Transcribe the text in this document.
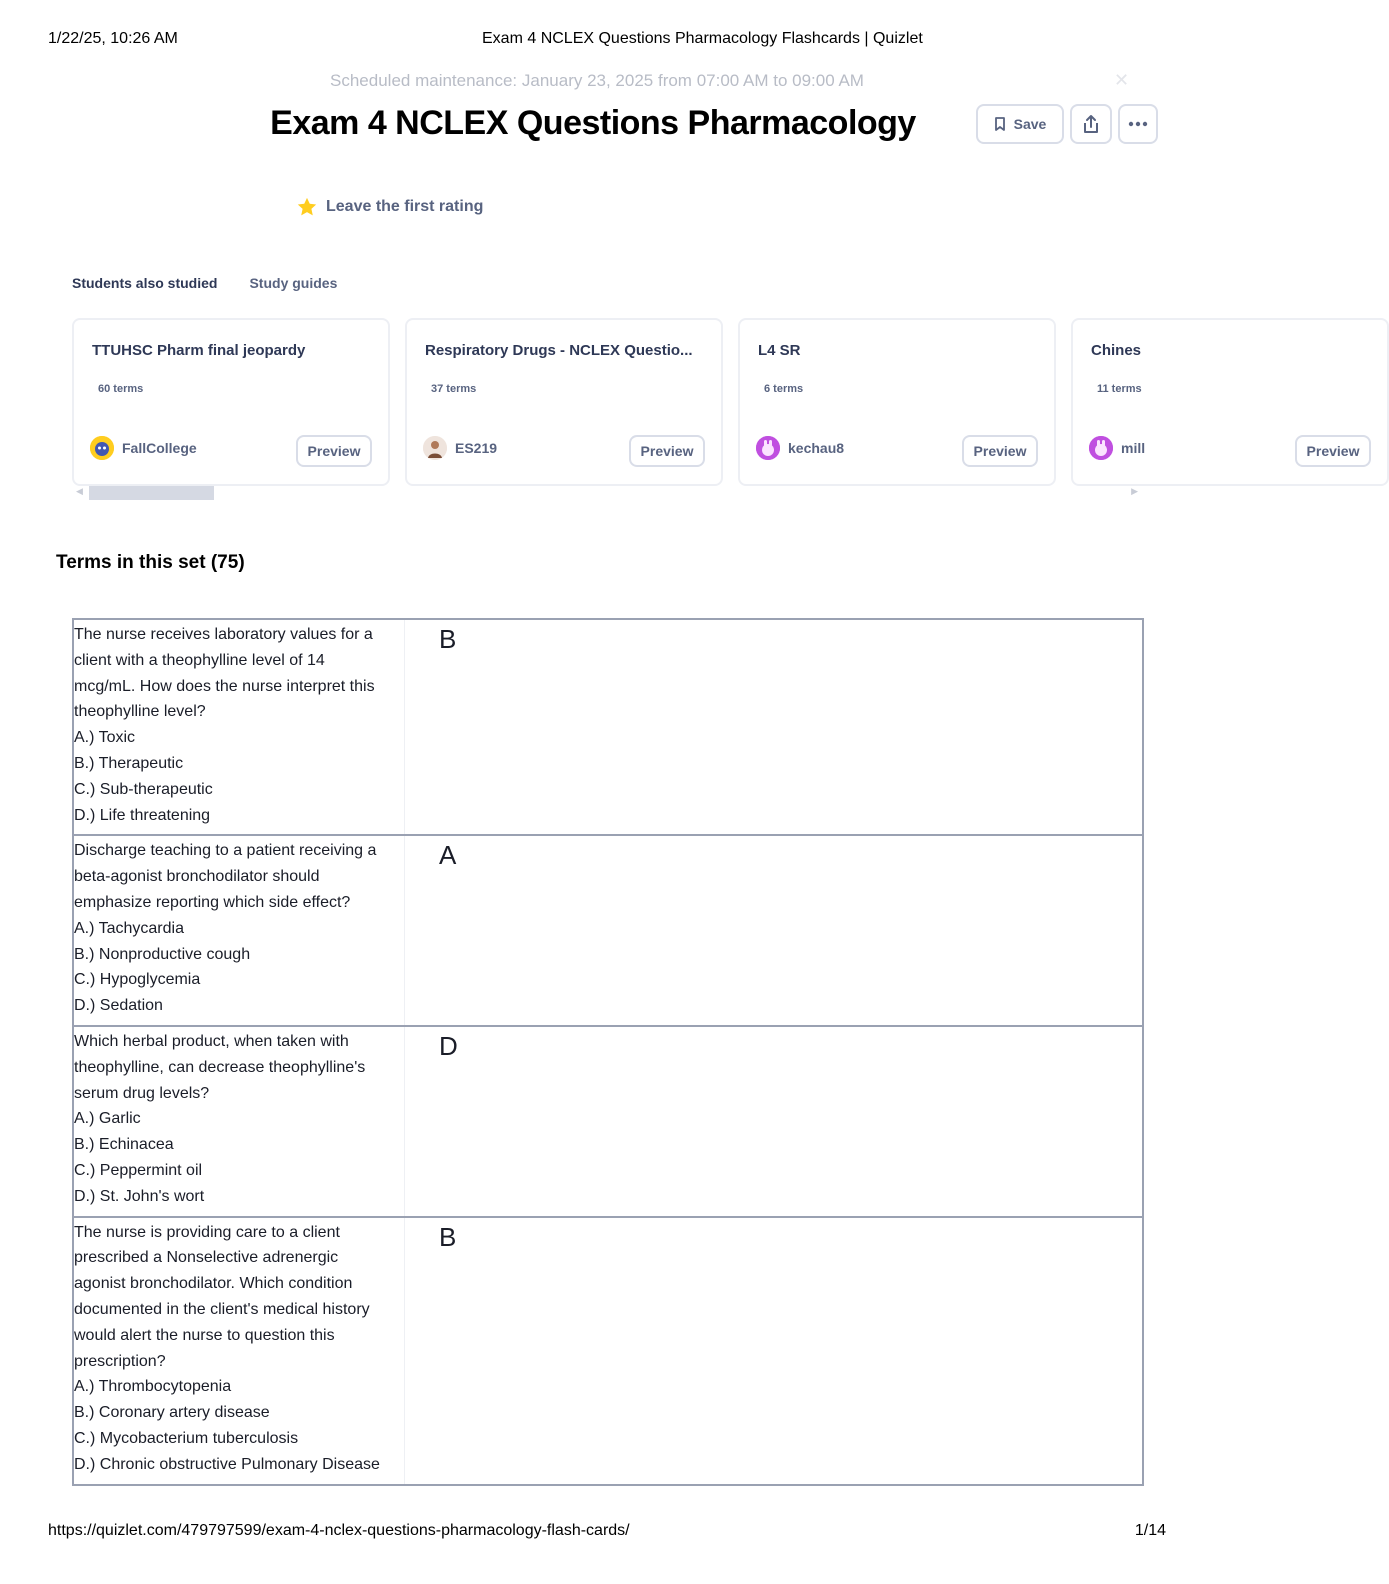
1/22/25, 10:26 AM	Exam 4 NCLEX Questions Pharmacology Flashcards | Quizlet
Scheduled maintenance: January 23, 2025 from 07:00 AM to 09:00 AM	✕
Exam 4 NCLEX Questions Pharmacology	Save
Leave the first rating
Students also studied Study guides
TTUHSC Pharm final jeopardy
60 terms
FallCollege	Preview
Respiratory Drugs - NCLEX Questio...
37 terms
ES219	Preview
L4 SR
6 terms
kechau8	Preview
Chines
11 terms
mill	Preview
◀	▶
Terms in this set (75)
The nurse receives laboratory values for a
client with a theophylline level of 14
mcg/mL. How does the nurse interpret this
theophylline level?
A.) Toxic
B.) Therapeutic
C.) Sub-therapeutic
D.) Life threatening
B
Discharge teaching to a patient receiving a
beta-agonist bronchodilator should
emphasize reporting which side effect?
A.) Tachycardia
B.) Nonproductive cough
C.) Hypoglycemia
D.) Sedation
A
Which herbal product, when taken with
theophylline, can decrease theophylline's
serum drug levels?
A.) Garlic
B.) Echinacea
C.) Peppermint oil
D.) St. John's wort
D
The nurse is providing care to a client
prescribed a Nonselective adrenergic
agonist bronchodilator. Which condition
documented in the client's medical history
would alert the nurse to question this
prescription?
A.) Thrombocytopenia
B.) Coronary artery disease
C.) Mycobacterium tuberculosis
D.) Chronic obstructive Pulmonary Disease
B
https://quizlet.com/479797599/exam-4-nclex-questions-pharmacology-flash-cards/	1/14
